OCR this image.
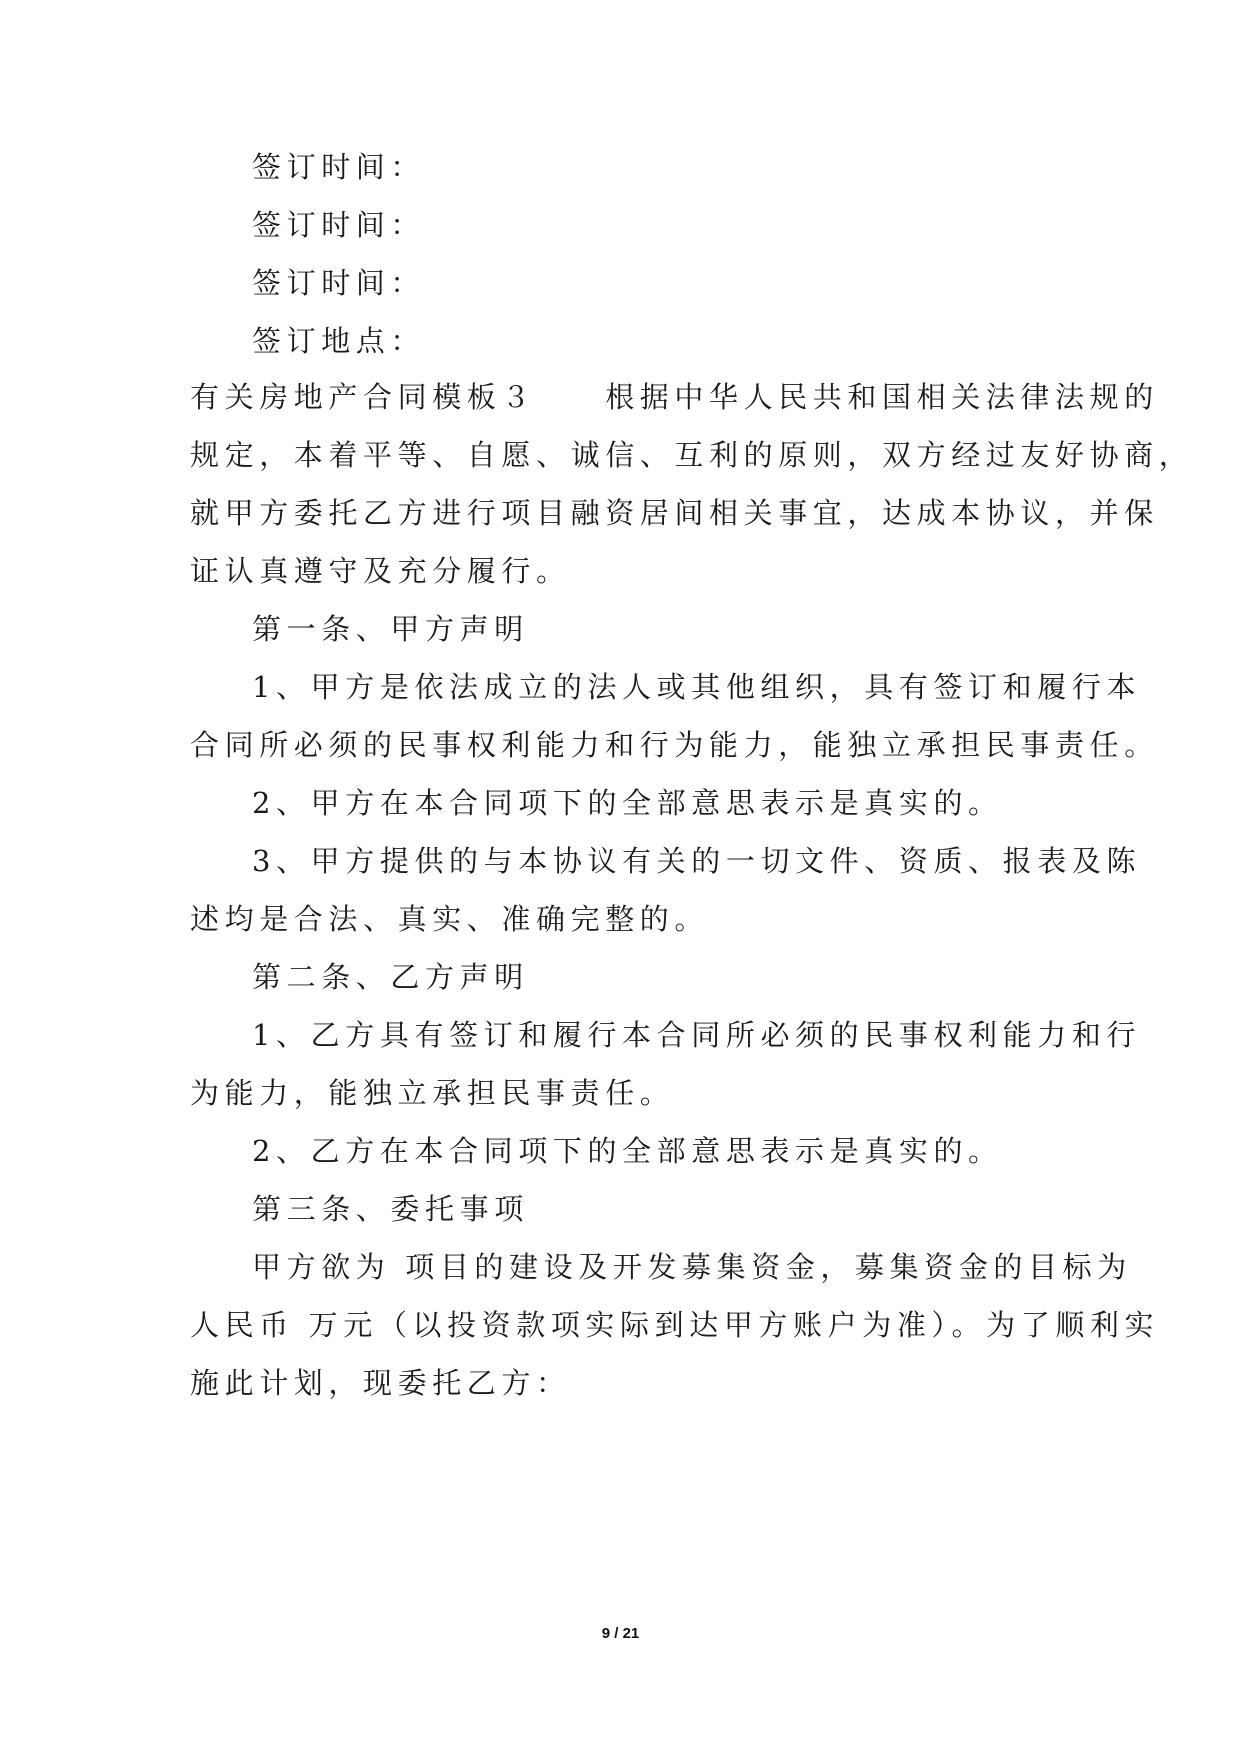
签订时间：
签订时间：
签订时间：
签订地点：
有关房地产合同模板３　　根据中华人民共和国相关法律法规的
规定，本着平等、自愿、诚信、互利的原则，双方经过友好协商，
就甲方委托乙方进行项目融资居间相关事宜，达成本协议，并保
证认真遵守及充分履行。
第一条、甲方声明
1、甲方是依法成立的法人或其他组织，具有签订和履行本
合同所必须的民事权利能力和行为能力，能独立承担民事责任。
2、甲方在本合同项下的全部意思表示是真实的。
3、甲方提供的与本协议有关的一切文件、资质、报表及陈
述均是合法、真实、准确完整的。
第二条、乙方声明
1、乙方具有签订和履行本合同所必须的民事权利能力和行
为能力，能独立承担民事责任。
2、乙方在本合同项下的全部意思表示是真实的。
第三条、委托事项
甲方欲为 项目的建设及开发募集资金，募集资金的目标为
人民币 万元（以投资款项实际到达甲方账户为准）。为了顺利实
施此计划，现委托乙方：
9 / 21
